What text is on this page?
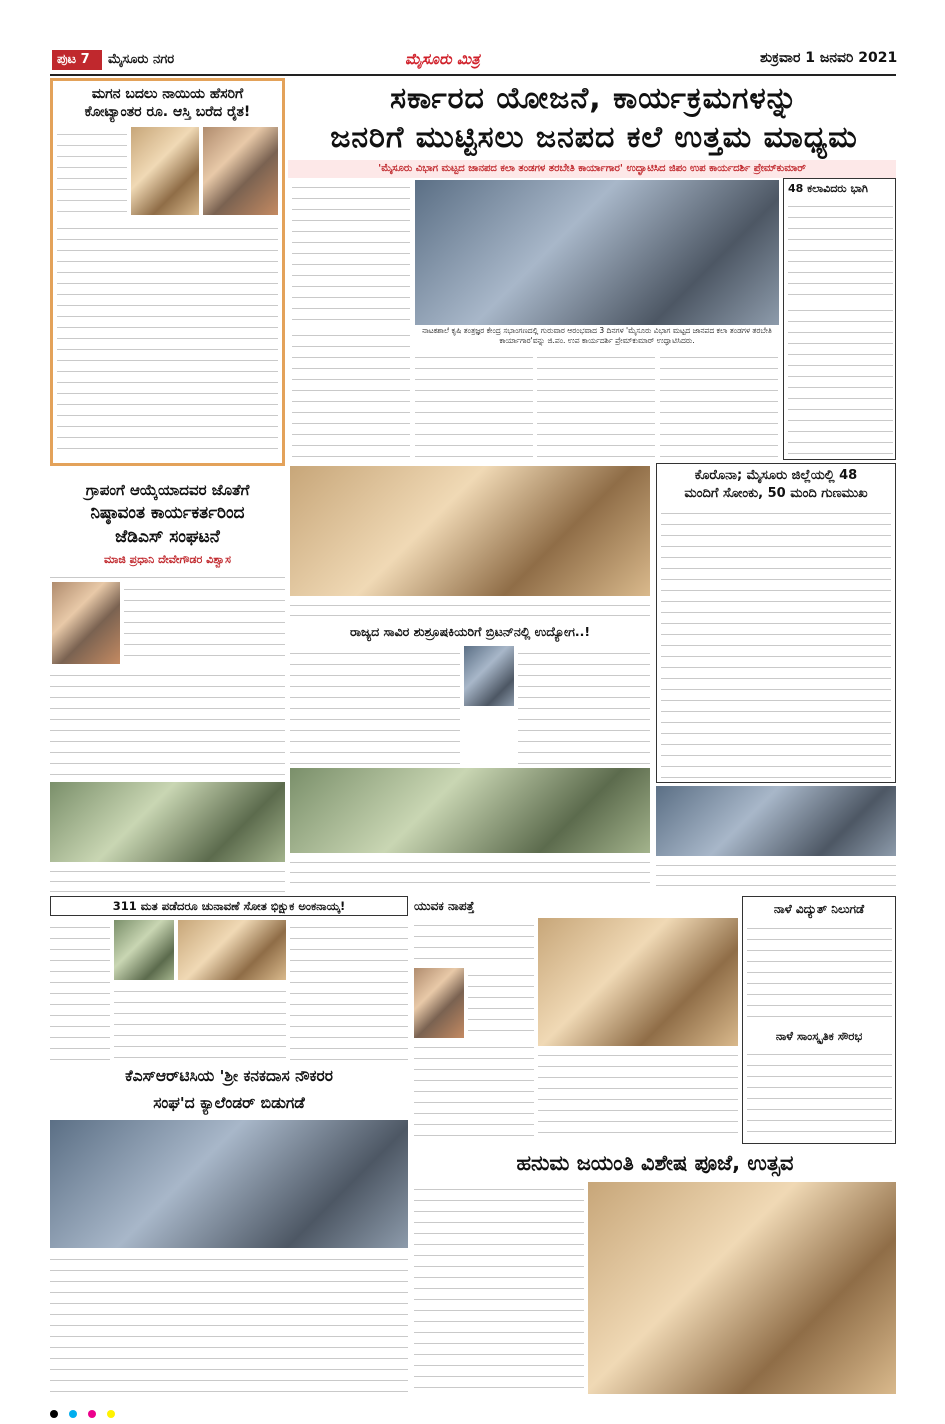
ಪುಟ 7	ಮೈಸೂರು ನಗರ	ಮೈಸೂರು ಮಿತ್ರ	ಶುಕ್ರವಾರ 1 ಜನವರಿ 2021
ಮಗನ ಬದಲು ನಾಯಿಯ ಹೆಸರಿಗೆ
ಕೋಟ್ಯಾಂತರ ರೂ. ಆಸ್ತಿ ಬರೆದ ರೈತ!	ಸರ್ಕಾರದ ಯೋಜನೆ, ಕಾರ್ಯಕ್ರಮಗಳನ್ನು
ಜನರಿಗೆ ಮುಟ್ಟಿಸಲು ಜನಪದ ಕಲೆ ಉತ್ತಮ ಮಾಧ್ಯಮ
'ಮೈಸೂರು ವಿಭಾಗ ಮಟ್ಟದ ಜಾನಪದ ಕಲಾ ತಂಡಗಳ ತರಬೇತಿ ಕಾರ್ಯಾಗಾರ' ಉದ್ಘಾಟಿಸಿದ ಜಿಪಂ ಉಪ ಕಾರ್ಯದರ್ಶಿ ಪ್ರೇಮ್‌ಕುಮಾರ್
ನಾಟಕಶಾಲೆ ಕೃಷಿ ತಂತ್ರಜ್ಞರ ಕೇಂದ್ರ ಸಭಾಂಗಣದಲ್ಲಿ ಗುರುವಾರ ಆರಂಭವಾದ 3 ದಿನಗಳ 'ಮೈಸೂರು ವಿಭಾಗ ಮಟ್ಟದ ಜಾನಪದ ಕಲಾ ತಂಡಗಳ ತರಬೇತಿ ಕಾರ್ಯಾಗಾರ'ವನ್ನು ಜಿ.ಪಂ. ಉಪ ಕಾರ್ಯದರ್ಶಿ ಪ್ರೇಮ್‌ಕುಮಾರ್ ಉದ್ಘಾಟಿಸಿದರು.
48 ಕಲಾವಿದರು ಭಾಗಿ
ಗ್ರಾಪಂಗೆ ಆಯ್ಕೆಯಾದವರ ಜೊತೆಗೆ
ನಿಷ್ಠಾವಂತ ಕಾರ್ಯಕರ್ತರಿಂದ
ಜೆಡಿಎಸ್ ಸಂಘಟನೆ
ಮಾಜಿ ಪ್ರಧಾನಿ ದೇವೇಗೌಡರ ವಿಶ್ವಾಸ
ರಾಜ್ಯದ ಸಾವಿರ ಶುಶ್ರೂಷಕಿಯರಿಗೆ ಬ್ರಿಟನ್‌ನಲ್ಲಿ ಉದ್ಯೋಗ..!
ಕೊರೊನಾ; ಮೈಸೂರು ಜಿಲ್ಲೆಯಲ್ಲಿ 48
ಮಂದಿಗೆ ಸೋಂಕು, 50 ಮಂದಿ ಗುಣಮುಖ
311 ಮತ ಪಡೆದರೂ ಚುನಾವಣೆ ಸೋತ ಭಿಕ್ಷುಕ ಅಂಕನಾಯ್ಕ!
ಕೆಎಸ್‌ಆರ್‌ಟಿಸಿಯ 'ಶ್ರೀ ಕನಕದಾಸ ನೌಕರರ
ಸಂಘ'ದ ಕ್ಯಾಲೆಂಡರ್ ಬಿಡುಗಡೆ
ಯುವಕ ನಾಪತ್ತೆ	ನಾಳೆ ವಿದ್ಯುತ್ ನಿಲುಗಡೆ
ನಾಳೆ ಸಾಂಸ್ಕೃತಿಕ ಸೌರಭ
ಹನುಮ ಜಯಂತಿ ವಿಶೇಷ ಪೂಜೆ, ಉತ್ಸವ
